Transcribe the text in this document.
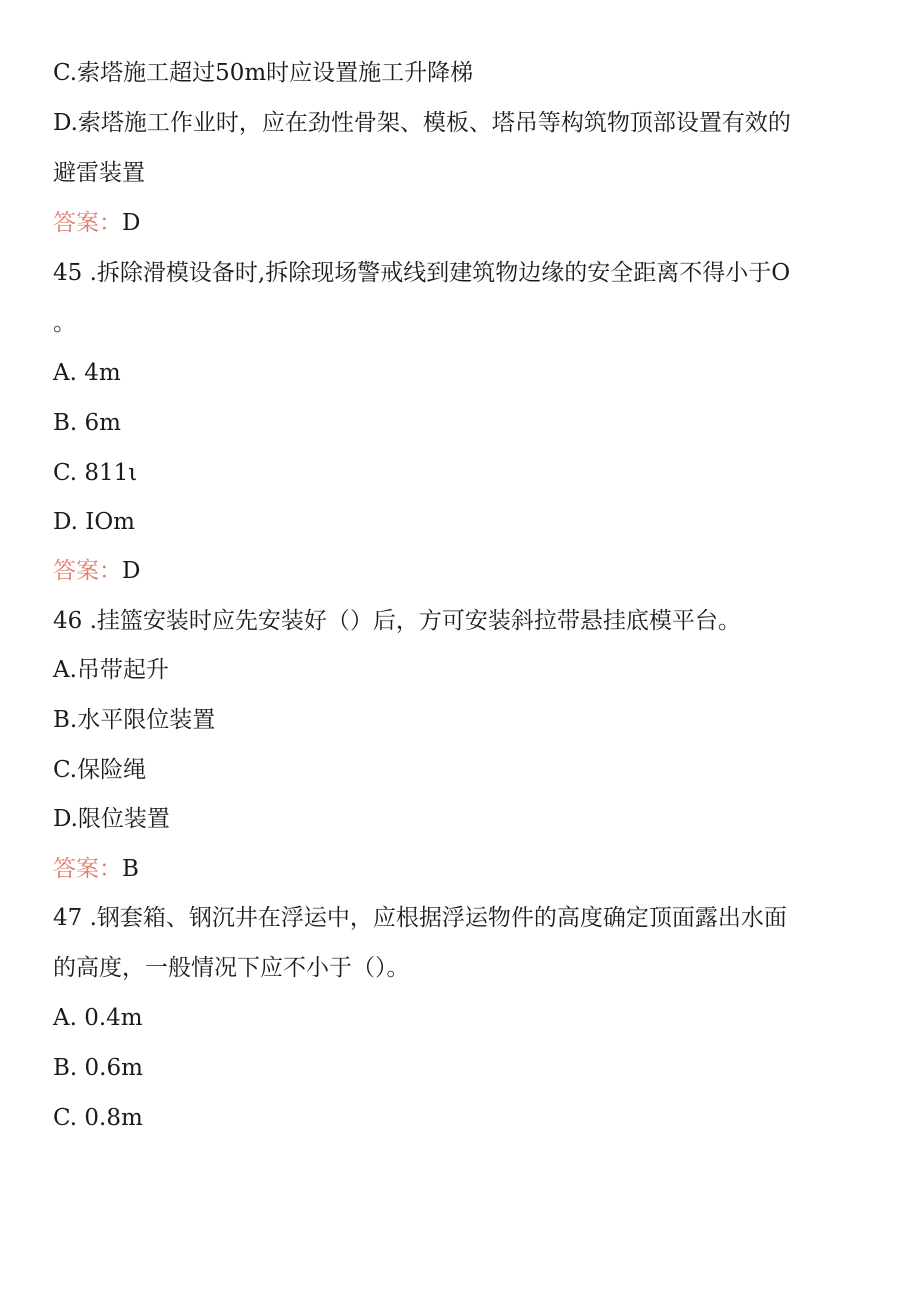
C.索塔施工超过50m时应设置施工升降梯
D.索塔施工作业时，应在劲性骨架、模板、塔吊等构筑物顶部设置有效的
避雷装置
答案：D
45 .拆除滑模设备时,拆除现场警戒线到建筑物边缘的安全距离不得小于O
。
A. 4m
B. 6m
C. 811ι
D. IOm
答案：D
46 .挂篮安装时应先安装好（）后，方可安装斜拉带悬挂底模平台。
A.吊带起升
B.水平限位装置
C.保险绳
D.限位装置
答案：B
47 .钢套箱、钢沉井在浮运中，应根据浮运物件的高度确定顶面露出水面
的高度，一般情况下应不小于（）。
A. 0.4m
B. 0.6m
C. 0.8m
